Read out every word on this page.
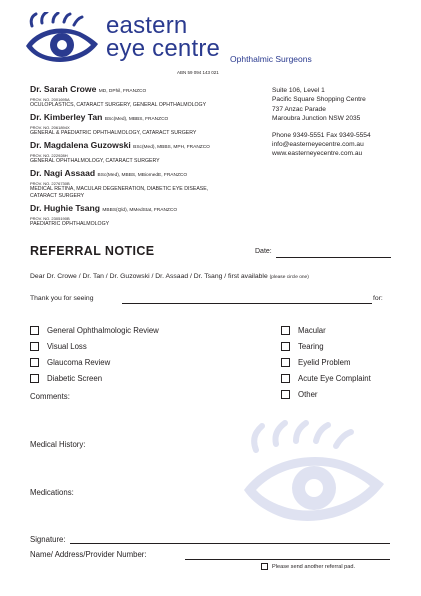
eastern
eye centre Ophthalmic Surgeons
ABN 59 094 143 021
Dr. Sarah Crowe MD, DPhil, FRANZCO
PROV. NO. 2001695A
OCULOPLASTICS, CATARACT SURGERY, GENERAL OPHTHALMOLOGY
Dr. Kimberley Tan BSc(Med), MBBS, FRANZCO
PROV. NO. 2061894X
GENERAL & PAEDIATRIC OPHTHALMOLOGY, CATARACT SURGERY
Dr. Magdalena Guzowski BSc(Med), MBBS, MPH, FRANZCO
PROV. NO. 222928H
GENERAL OPHTHALMOLOGY, CATARACT SURGERY
Dr. Nagi Assaad BSc(Med), MBBS, MBiomedE, FRANZCO
PROV. NO. 2276730B
MEDICAL RETINA, MACULAR DEGENERATION, DIABETIC EYE DISEASE,
CATARACT SURGERY
Dr. Hughie Tsang MBBS(Qld), MMedStat, FRANZCO
PROV. NO. 2305190B
PAEDIATRIC OPHTHALMOLOGY
Suite 106, Level 1
Pacific Square Shopping Centre
737 Anzac Parade
Maroubra Junction NSW 2035
Phone 9349-5551 Fax 9349-5554
info@easterneyecentre.com.au
www.easterneyecentre.com.au
REFERRAL NOTICE	Date:
Dear Dr. Crowe / Dr. Tan / Dr. Guzowski / Dr. Assaad / Dr. Tsang / first available (please circle one)
Thank you for seeing	for:
General Ophthalmologic Review
Visual Loss
Glaucoma Review
Diabetic Screen
Macular
Tearing
Eyelid Problem
Acute Eye Complaint
Other
Comments:
Medical History:
Medications:
Signature:
Name/ Address/Provider Number:
Please send another referral pad.
